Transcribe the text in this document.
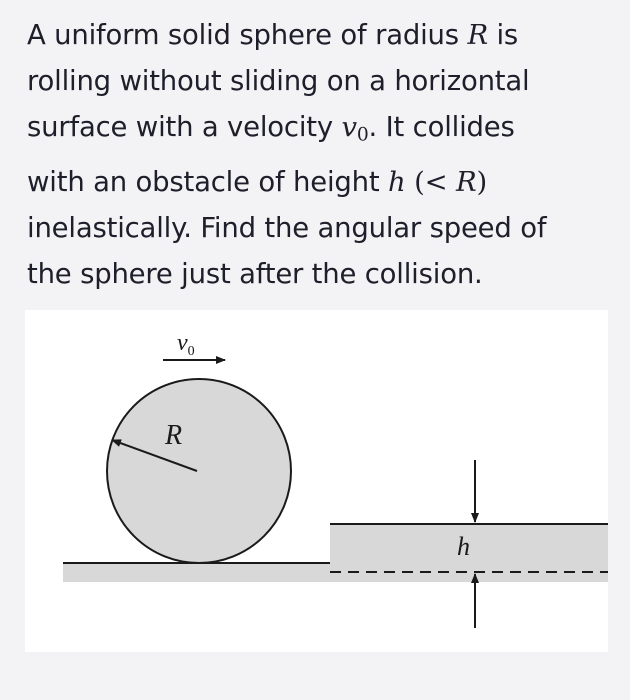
A uniform solid sphere of radius R is

rolling without sliding on a horizontal

surface with a velocity $v_0$. It collides

with an obstacle of height h (< R)

inelastically. Find the angular speed of

the sphere just after the collision.

R
$v_0$
h
